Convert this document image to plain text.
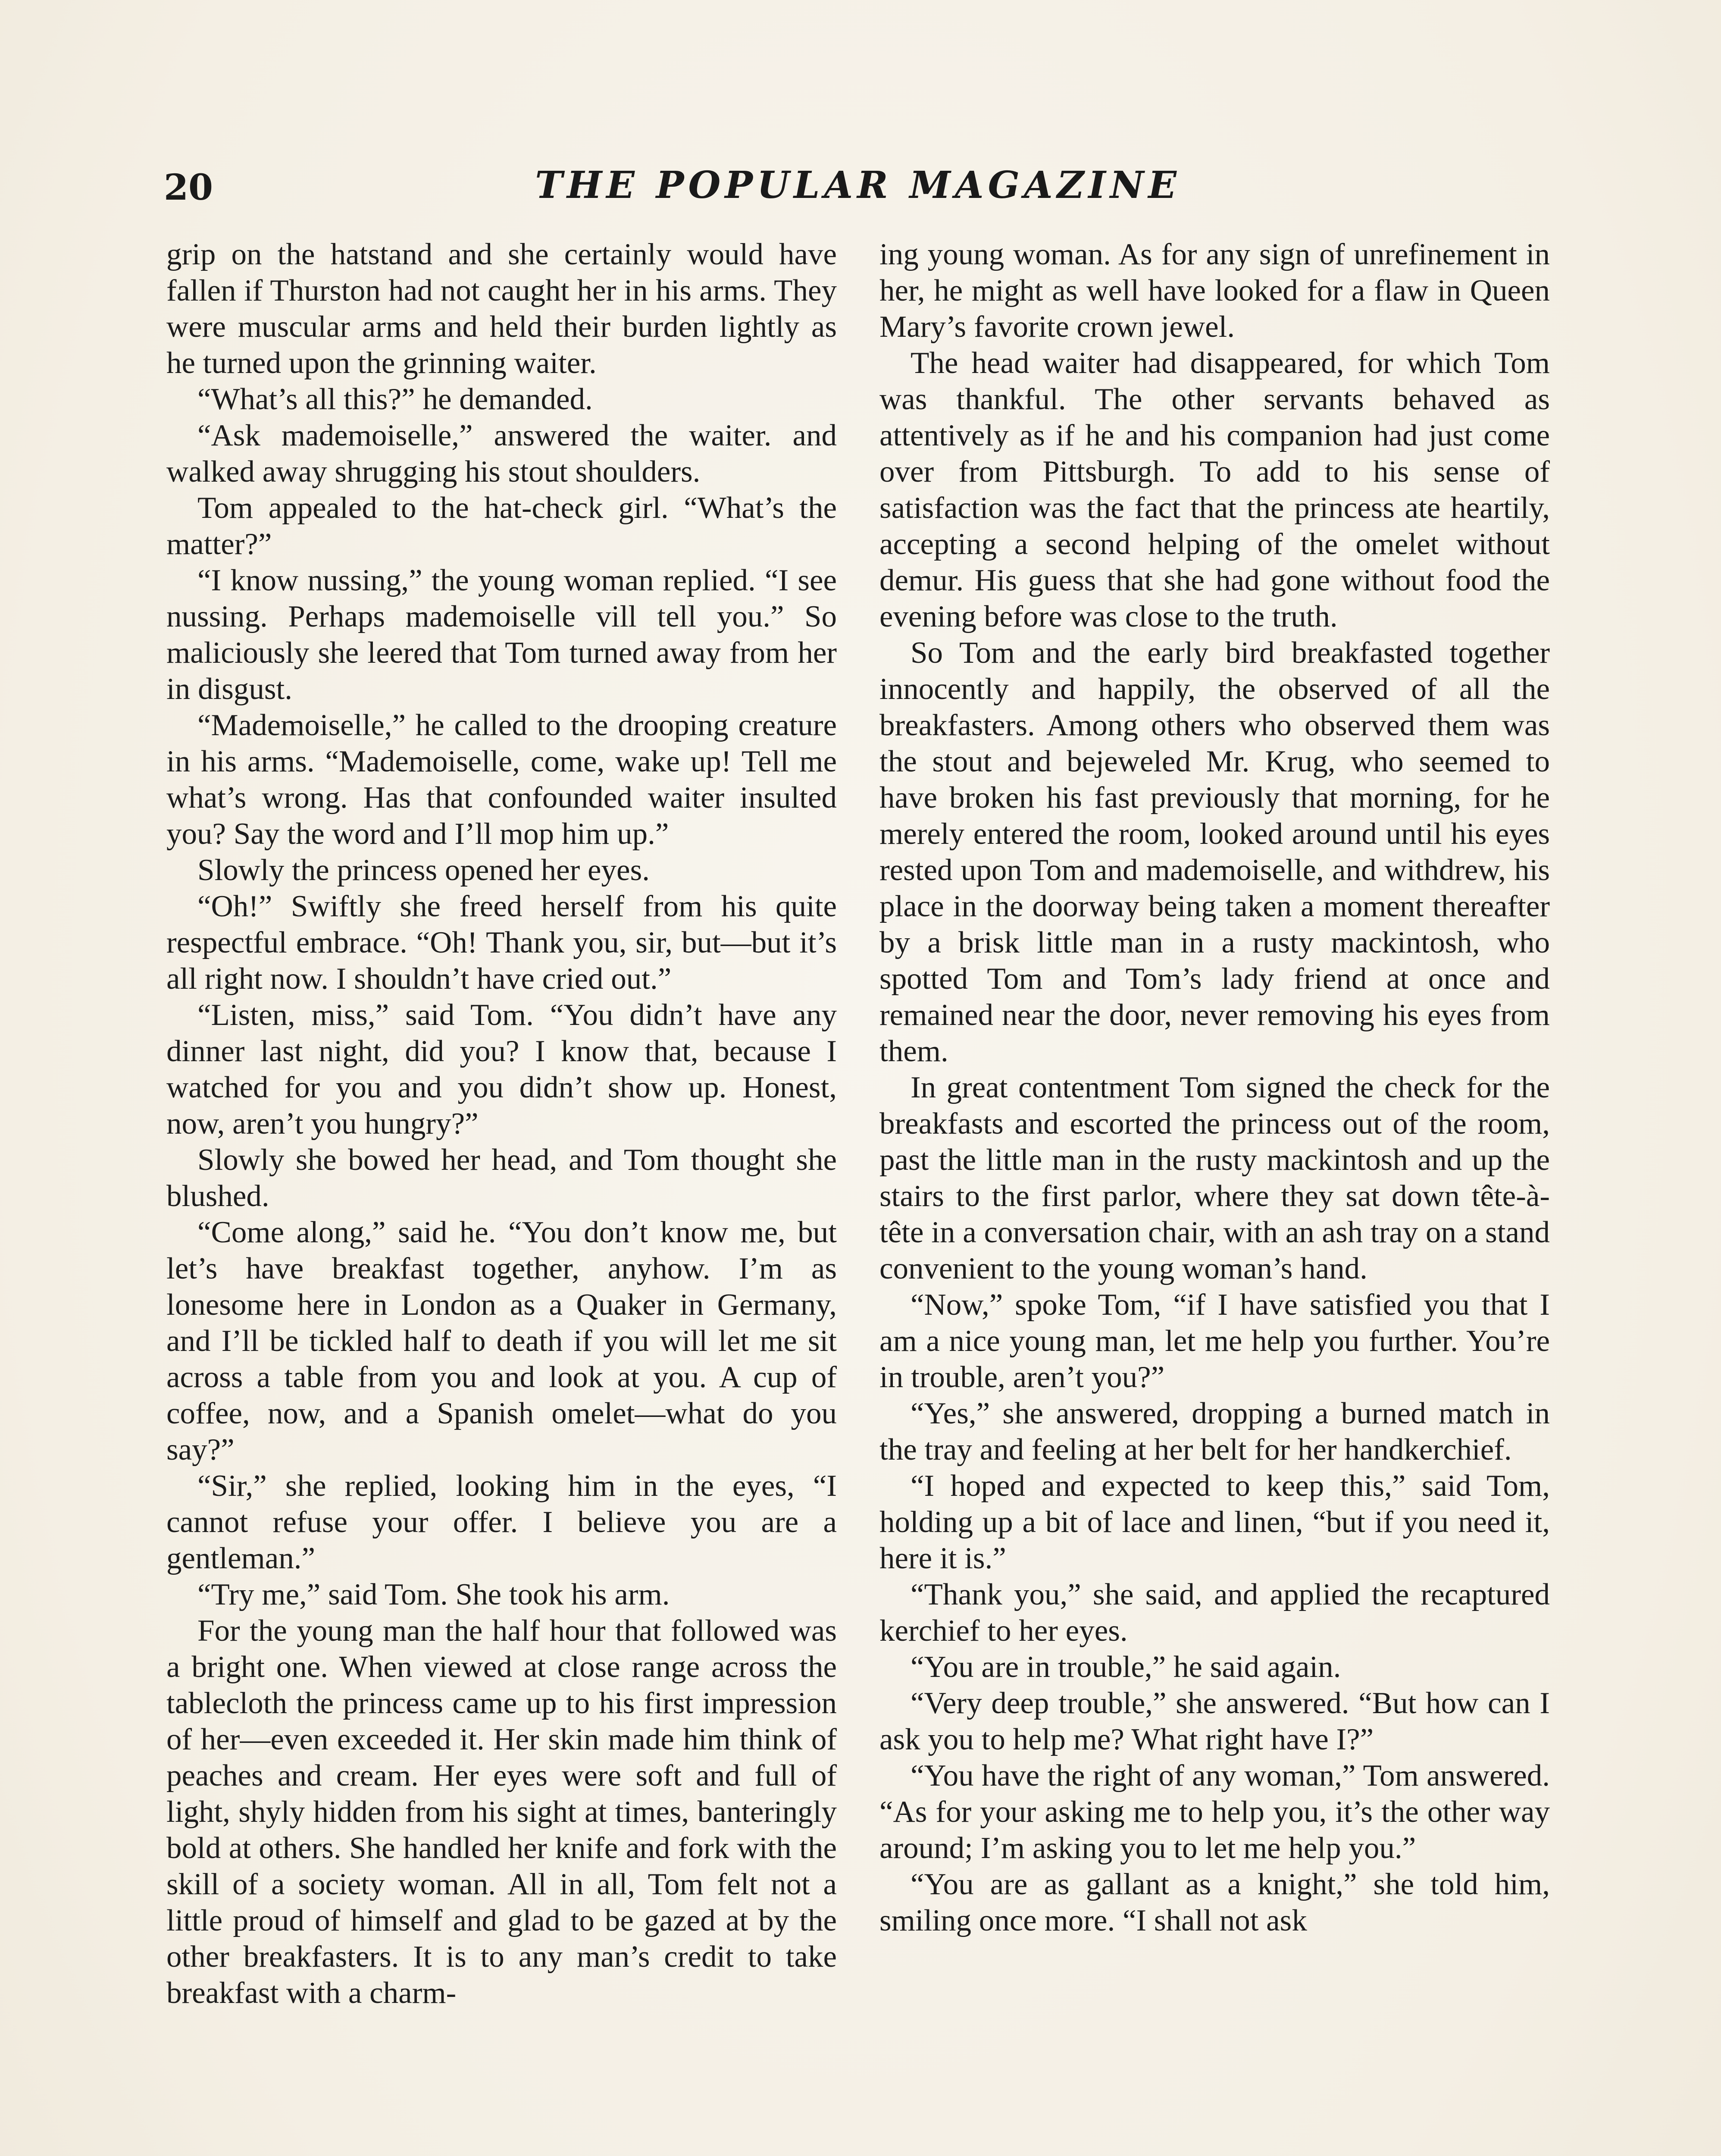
20	THE POPULAR MAGAZINE

grip on the hatstand and she certainly would have fallen if Thurston had not caught her in his arms. They were muscular arms and held their burden lightly as he turned upon the grinning waiter.

“What’s all this?” he demanded.

“Ask mademoiselle,” answered the waiter. and walked away shrugging his stout shoulders.

Tom appealed to the hat-check girl. “What’s the matter?”

“I know nussing,” the young woman replied. “I see nussing. Perhaps mademoiselle vill tell you.” So maliciously she leered that Tom turned away from her in disgust.

“Mademoiselle,” he called to the drooping creature in his arms. “Mademoiselle, come, wake up! Tell me what’s wrong. Has that confounded waiter insulted you? Say the word and I’ll mop him up.”

Slowly the princess opened her eyes.

“Oh!” Swiftly she freed herself from his quite respectful embrace. “Oh! Thank you, sir, but—but it’s all right now. I shouldn’t have cried out.”

“Listen, miss,” said Tom. “You didn’t have any dinner last night, did you? I know that, because I watched for you and you didn’t show up. Honest, now, aren’t you hungry?”

Slowly she bowed her head, and Tom thought she blushed.

“Come along,” said he. “You don’t know me, but let’s have breakfast together, anyhow. I’m as lonesome here in London as a Quaker in Germany, and I’ll be tickled half to death if you will let me sit across a table from you and look at you. A cup of coffee, now, and a Spanish omelet—what do you say?”

“Sir,” she replied, looking him in the eyes, “I cannot refuse your offer. I believe you are a gentleman.”

“Try me,” said Tom. She took his arm.

For the young man the half hour that followed was a bright one. When viewed at close range across the tablecloth the princess came up to his first impression of her—even exceeded it. Her skin made him think of peaches and cream. Her eyes were soft and full of light, shyly hidden from his sight at times, banteringly bold at others. She handled her knife and fork with the skill of a society woman. All in all, Tom felt not a little proud of himself and glad to be gazed at by the other breakfasters. It is to any man’s credit to take breakfast with a charm-

ing young woman. As for any sign of unrefinement in her, he might as well have looked for a flaw in Queen Mary’s favorite crown jewel.

The head waiter had disappeared, for which Tom was thankful. The other servants behaved as attentively as if he and his companion had just come over from Pittsburgh. To add to his sense of satisfaction was the fact that the princess ate heartily, accepting a second helping of the omelet without demur. His guess that she had gone without food the evening before was close to the truth.

So Tom and the early bird breakfasted together innocently and happily, the observed of all the breakfasters. Among others who observed them was the stout and bejeweled Mr. Krug, who seemed to have broken his fast previously that morning, for he merely entered the room, looked around until his eyes rested upon Tom and mademoiselle, and withdrew, his place in the doorway being taken a moment thereafter by a brisk little man in a rusty mackintosh, who spotted Tom and Tom’s lady friend at once and remained near the door, never removing his eyes from them.

In great contentment Tom signed the check for the breakfasts and escorted the princess out of the room, past the little man in the rusty mackintosh and up the stairs to the first parlor, where they sat down tête-à-tête in a conversation chair, with an ash tray on a stand convenient to the young woman’s hand.

“Now,” spoke Tom, “if I have satisfied you that I am a nice young man, let me help you further. You’re in trouble, aren’t you?”

“Yes,” she answered, dropping a burned match in the tray and feeling at her belt for her handkerchief.

“I hoped and expected to keep this,” said Tom, holding up a bit of lace and linen, “but if you need it, here it is.”

“Thank you,” she said, and applied the recaptured kerchief to her eyes.

“You are in trouble,” he said again.

“Very deep trouble,” she answered. “But how can I ask you to help me? What right have I?”

“You have the right of any woman,” Tom answered. “As for your asking me to help you, it’s the other way around; I’m asking you to let me help you.”

“You are as gallant as a knight,” she told him, smiling once more. “I shall not ask
